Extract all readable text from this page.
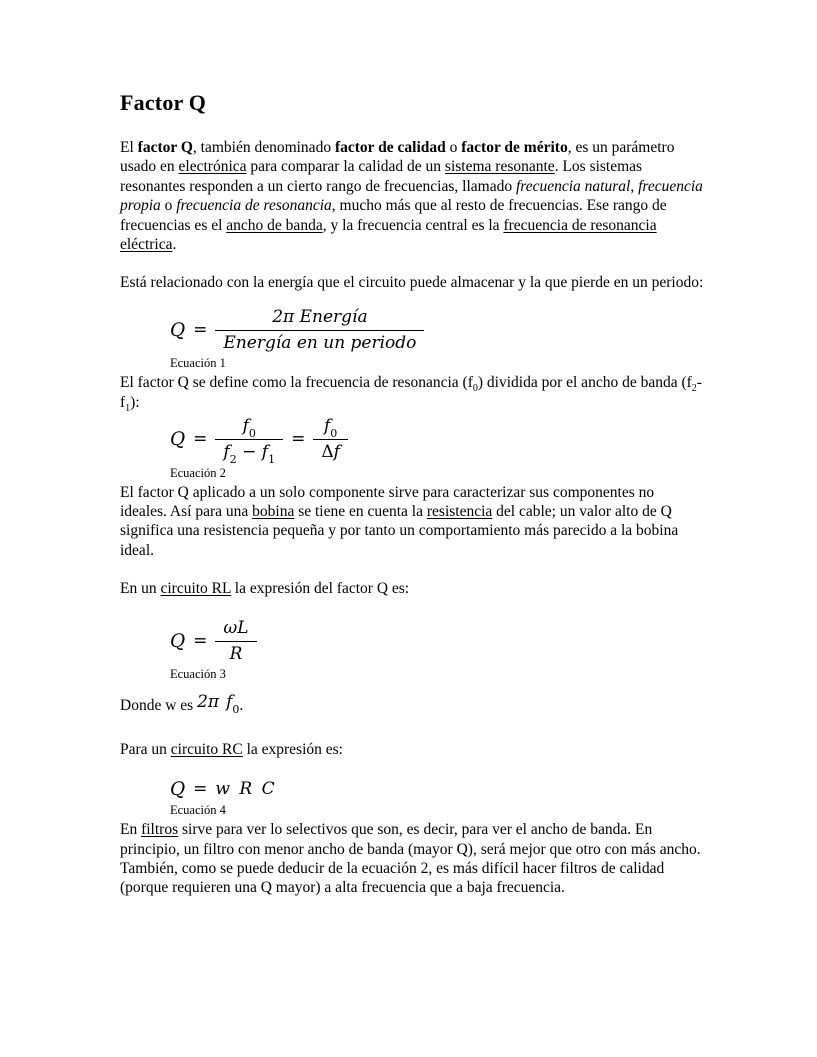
Factor Q

El factor Q, también denominado factor de calidad o factor de mérito, es un parámetro usado en electrónica para comparar la calidad de un sistema resonante. Los sistemas resonantes responden a un cierto rango de frecuencias, llamado frecuencia natural, frecuencia propia o frecuencia de resonancia, mucho más que al resto de frecuencias. Ese rango de frecuencias es el ancho de banda, y la frecuencia central es la frecuencia de resonancia eléctrica.

Está relacionado con la energía que el circuito puede almacenar y la que pierde en un periodo:

$Q = \frac{\text{2π Energía}}{\text{Energía en un periodo}}$
Ecuación 1

El factor Q se define como la frecuencia de resonancia $(f_0)$ dividida por el ancho de banda $(f_2-f_1)$:

$Q = \frac{f_0}{f_2 - f_1} = \frac{f_0}{\Delta f}$
Ecuación 2

El factor Q aplicado a un solo componente sirve para caracterizar sus componentes no ideales. Así para una bobina se tiene en cuenta la resistencia del cable; un valor alto de Q significa una resistencia pequeña y por tanto un comportamiento más parecido a la bobina ideal.

En un circuito RL la expresión del factor Q es:

$Q = \frac{\omega L}{R}$
Ecuación 3

Donde w es 2π $f_0$.

Para un circuito RC la expresión es:

Q = w R C
Ecuación 4

En filtros sirve para ver lo selectivos que son, es decir, para ver el ancho de banda. En principio, un filtro con menor ancho de banda (mayor Q), será mejor que otro con más ancho. También, como se puede deducir de la ecuación 2, es más difícil hacer filtros de calidad (porque requieren una Q mayor) a alta frecuencia que a baja frecuencia.
